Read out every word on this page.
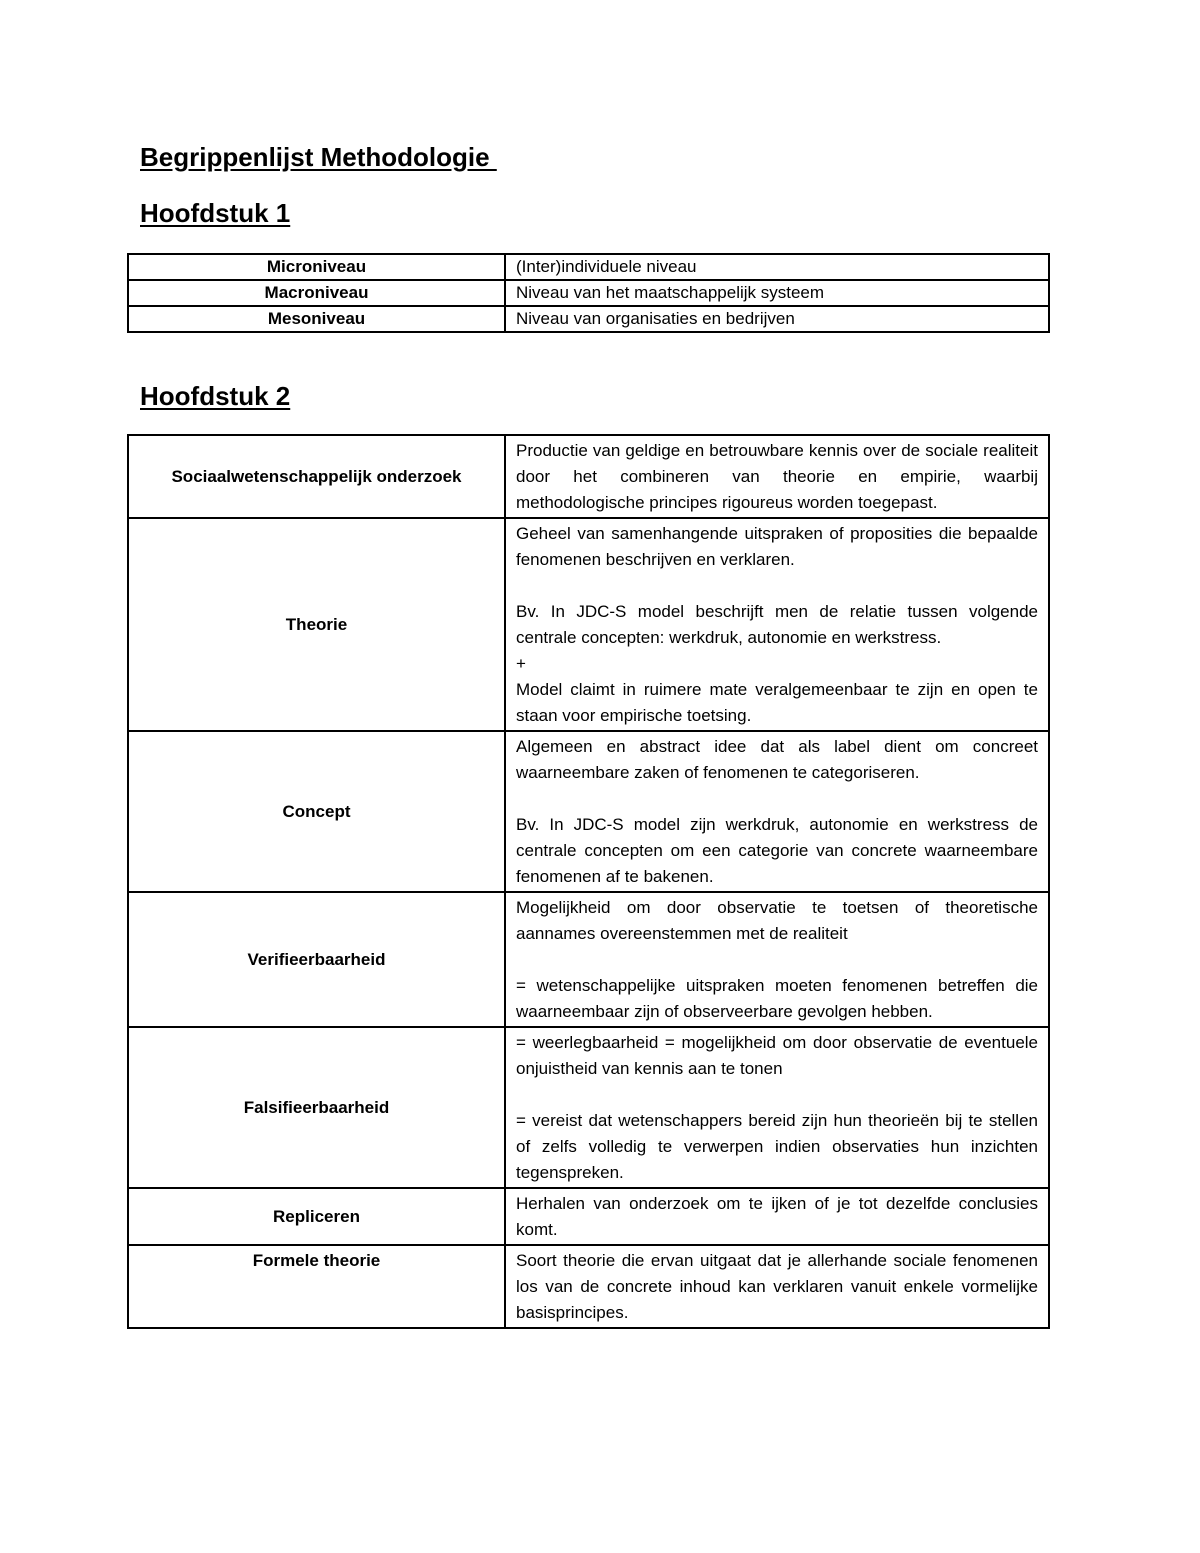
Begrippenlijst Methodologie
Hoofdstuk 1
Microniveau	(Inter)individuele niveau
Macroniveau	Niveau van het maatschappelijk systeem
Mesoniveau	Niveau van organisaties en bedrijven
Hoofdstuk 2
Sociaalwetenschappelijk onderzoek	Productie van geldige en betrouwbare kennis over de sociale realiteit door het combineren van theorie en empirie, waarbij methodologische principes rigoureus worden toegepast.

Theorie	Geheel van samenhangende uitspraken of proposities die bepaalde fenomenen beschrijven en verklaren.
Bv. In JDC-S model beschrijft men de relatie tussen volgende centrale concepten: werkdruk, autonomie en werkstress.
+
Model claimt in ruimere mate veralgemeenbaar te zijn en open te staan voor empirische toetsing.

Concept	Algemeen en abstract idee dat als label dient om concreet waarneembare zaken of fenomenen te categoriseren.
Bv. In JDC-S model zijn werkdruk, autonomie en werkstress de centrale concepten om een categorie van concrete waarneembare fenomenen af te bakenen.

Verifieerbaarheid	Mogelijkheid om door observatie te toetsen of theoretische aannames overeenstemmen met de realiteit
= wetenschappelijke uitspraken moeten fenomenen betreffen die waarneembaar zijn of observeerbare gevolgen hebben.

Falsifieerbaarheid	= weerlegbaarheid = mogelijkheid om door observatie de eventuele onjuistheid van kennis aan te tonen
= vereist dat wetenschappers bereid zijn hun theorieën bij te stellen of zelfs volledig te verwerpen indien observaties hun inzichten tegenspreken.

Repliceren	Herhalen van onderzoek om te ijken of je tot dezelfde conclusies komt.

Formele theorie	Soort theorie die ervan uitgaat dat je allerhande sociale fenomenen los van de concrete inhoud kan verklaren vanuit enkele vormelijke basisprincipes.
